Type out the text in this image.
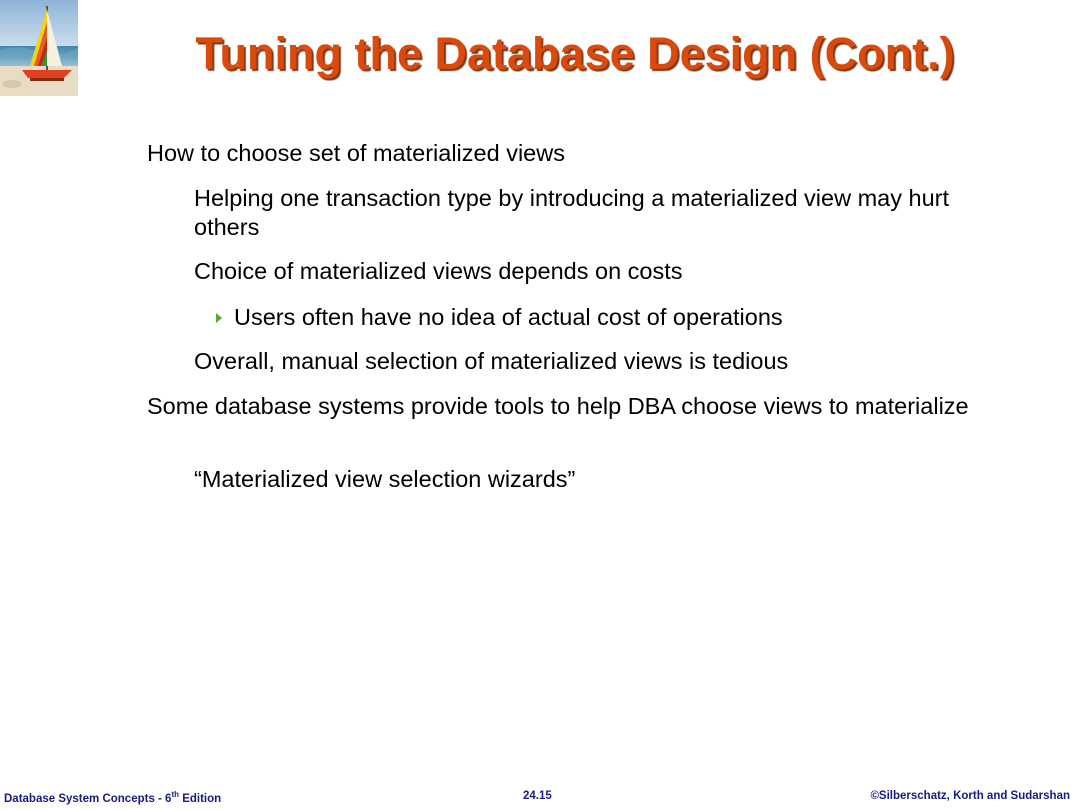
Tuning the Database Design (Cont.)

How to choose set of materialized views

Helping one transaction type by introducing a materialized view may hurt others

Choice of materialized views depends on costs

Users often have no idea of actual cost of operations

Overall, manual selection of materialized views is tedious

Some database systems provide tools to help DBA choose views to materialize

“Materialized view selection wizards”

Database System Concepts - 6th Edition	24.15	©Silberschatz, Korth and Sudarshan
